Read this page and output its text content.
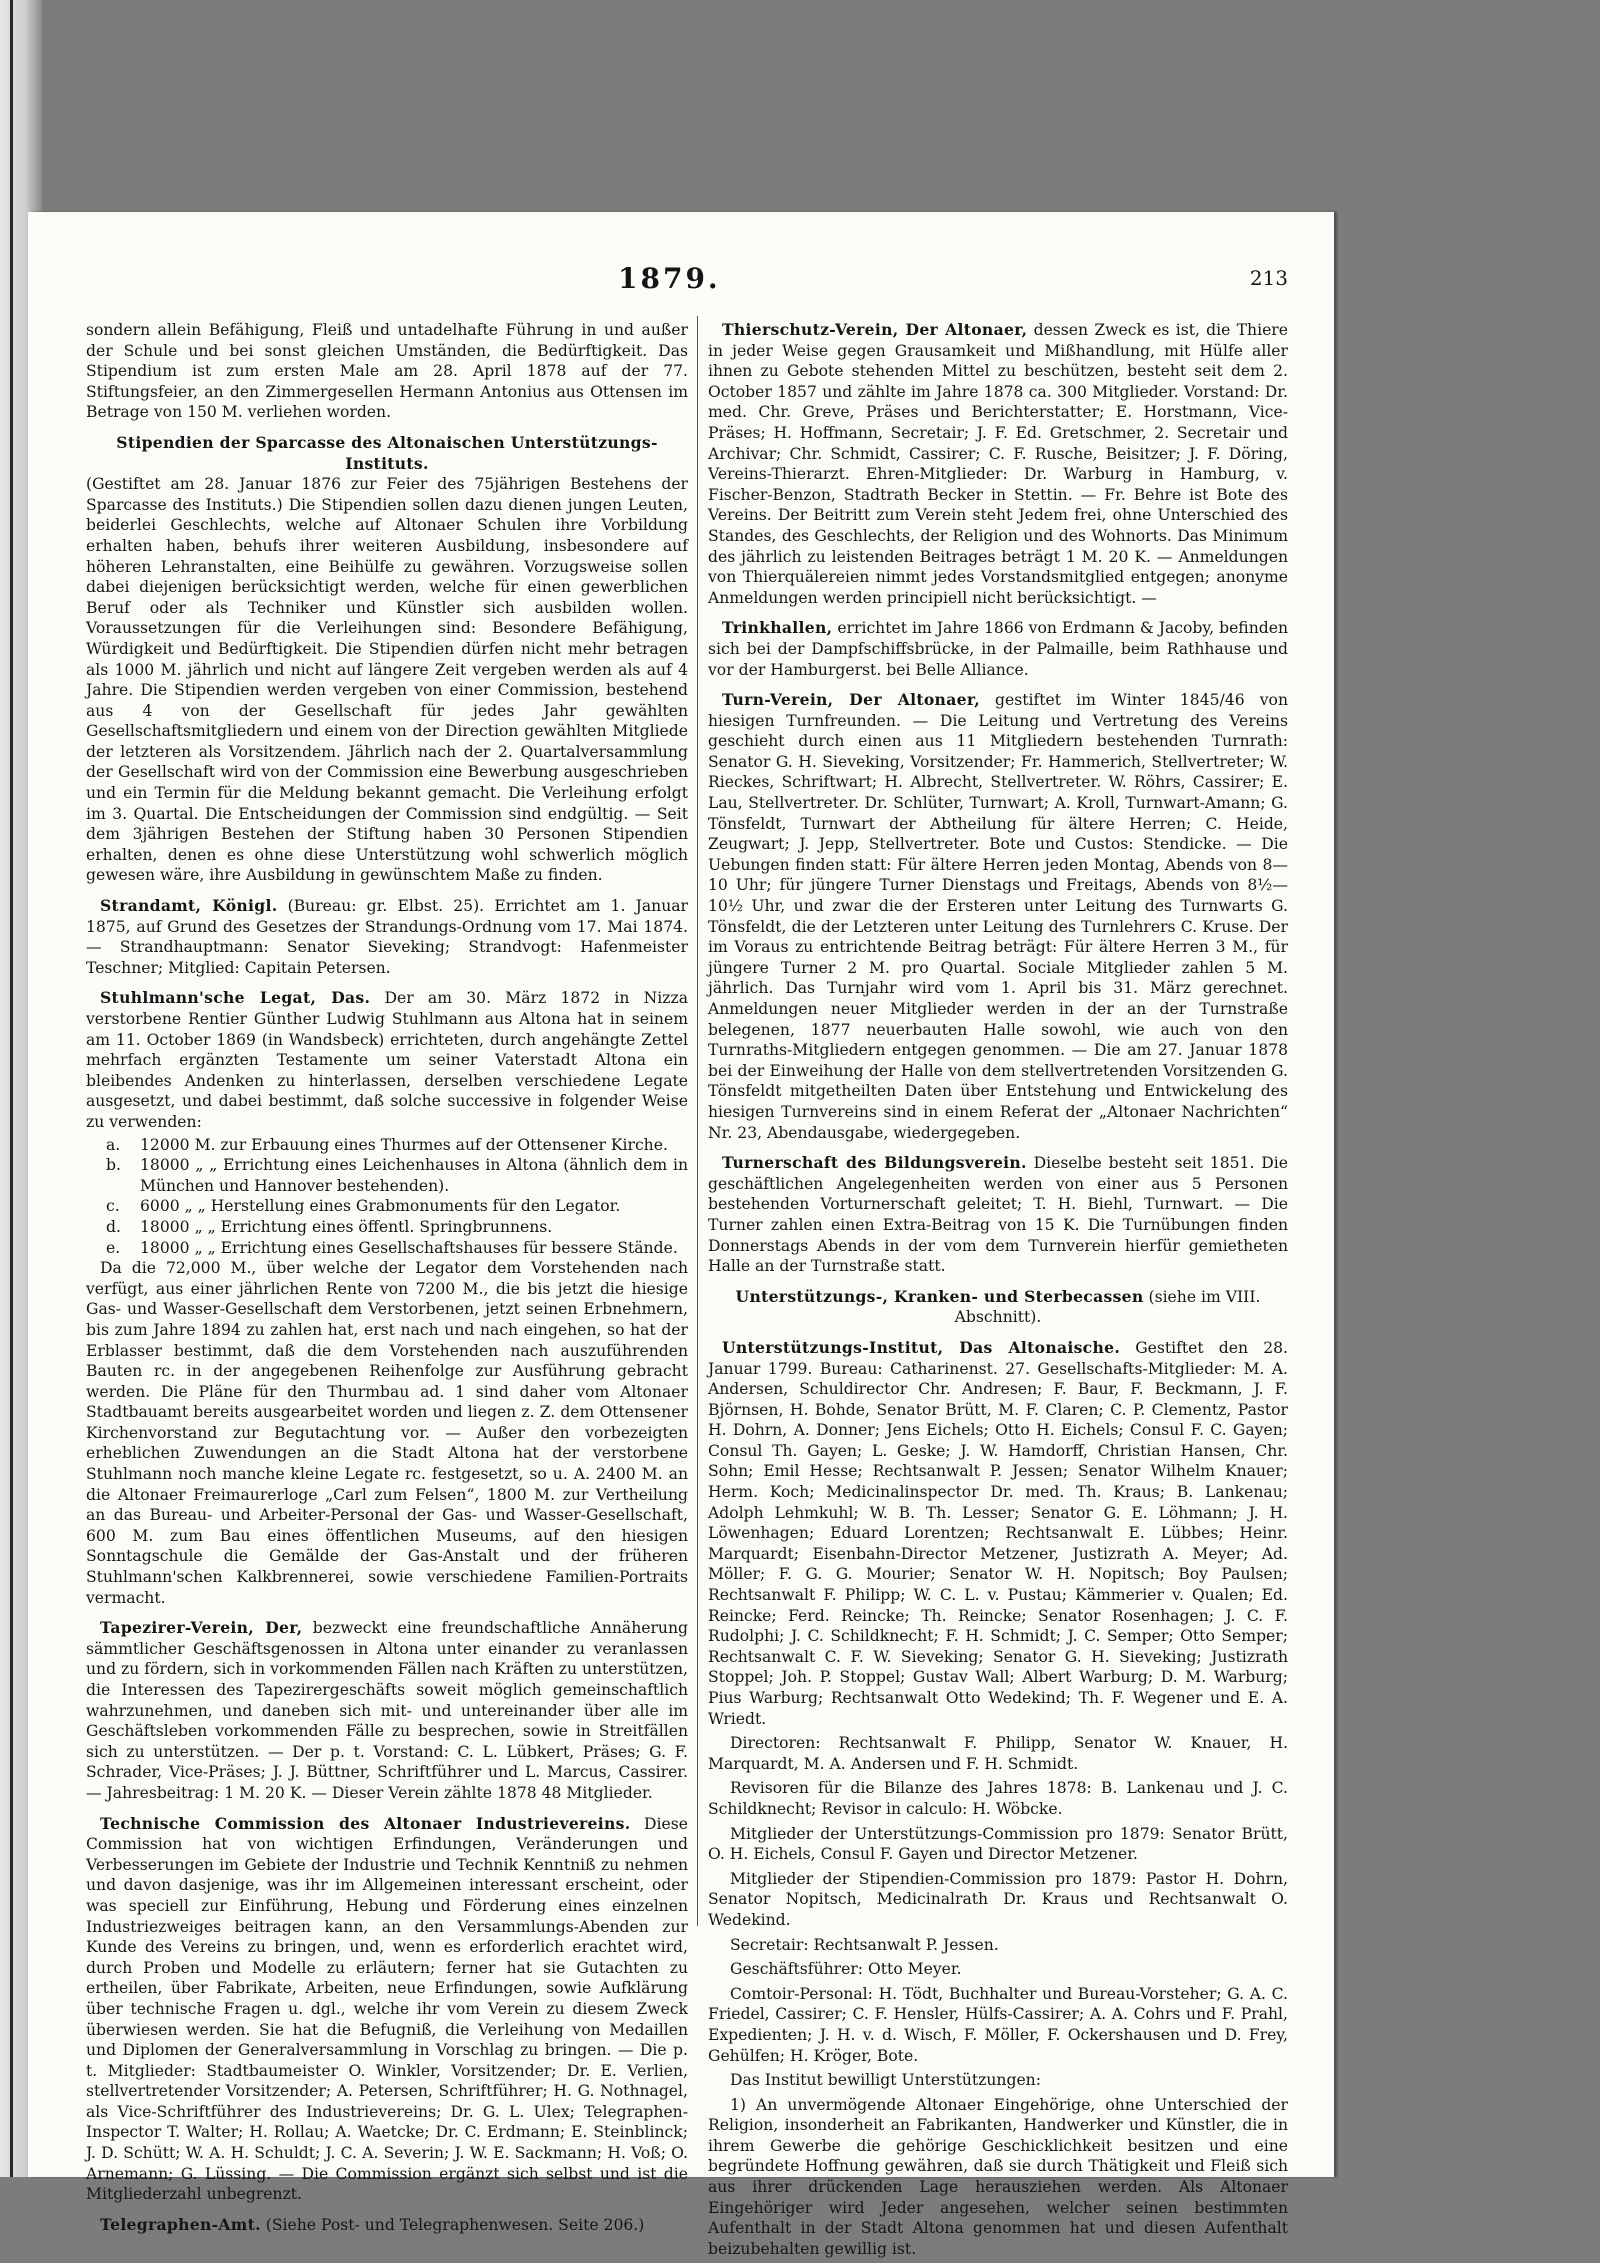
1879.	213

sondern allein Befähigung, Fleiß und untadelhafte Führung in und außer der Schule und bei sonst gleichen Umständen, die Bedürftigkeit. Das Stipendium ist zum ersten Male am 28. April 1878 auf der 77. Stiftungsfeier, an den Zimmergesellen Hermann Antonius aus Ottensen im Betrage von 150 M. verliehen worden.

Stipendien der Sparcasse des Altonaischen Unterstützungs-Instituts.
(Gestiftet am 28. Januar 1876 zur Feier des 75jährigen Bestehens der Sparcasse des Instituts.) Die Stipendien sollen dazu dienen jungen Leuten, beiderlei Geschlechts, welche auf Altonaer Schulen ihre Vorbildung erhalten haben, behufs ihrer weiteren Ausbildung, insbesondere auf höheren Lehranstalten, eine Beihülfe zu gewähren. Vorzugsweise sollen dabei diejenigen berücksichtigt werden, welche für einen gewerblichen Beruf oder als Techniker und Künstler sich ausbilden wollen. Voraussetzungen für die Verleihungen sind: Besondere Befähigung, Würdigkeit und Bedürftigkeit. Die Stipendien dürfen nicht mehr betragen als 1000 M. jährlich und nicht auf längere Zeit vergeben werden als auf 4 Jahre. Die Stipendien werden vergeben von einer Commission, bestehend aus 4 von der Gesellschaft für jedes Jahr gewählten Gesellschaftsmitgliedern und einem von der Direction gewählten Mitgliede der letzteren als Vorsitzendem. Jährlich nach der 2. Quartalversammlung der Gesellschaft wird von der Commission eine Bewerbung ausgeschrieben und ein Termin für die Meldung bekannt gemacht. Die Verleihung erfolgt im 3. Quartal. Die Entscheidungen der Commission sind endgültig. — Seit dem 3jährigen Bestehen der Stiftung haben 30 Personen Stipendien erhalten, denen es ohne diese Unterstützung wohl schwerlich möglich gewesen wäre, ihre Ausbildung in gewünschtem Maße zu finden.

Strandamt, Königl. (Bureau: gr. Elbst. 25). Errichtet am 1. Januar 1875, auf Grund des Gesetzes der Strandungs-Ordnung vom 17. Mai 1874. — Strandhauptmann: Senator Sieveking; Strandvogt: Hafenmeister Teschner; Mitglied: Capitain Petersen.

Stuhlmann'sche Legat, Das. Der am 30. März 1872 in Nizza verstorbene Rentier Günther Ludwig Stuhlmann aus Altona hat in seinem am 11. October 1869 (in Wandsbeck) errichteten, durch angehängte Zettel mehrfach ergänzten Testamente um seiner Vaterstadt Altona ein bleibendes Andenken zu hinterlassen, derselben verschiedene Legate ausgesetzt, und dabei bestimmt, daß solche successive in folgender Weise zu verwenden:

a.	12000 M. zur Erbauung eines Thurmes auf der Ottensener Kirche.
b.	18000 „ „ Errichtung eines Leichenhauses in Altona (ähnlich dem in München und Hannover bestehenden).
c.	6000 „ „ Herstellung eines Grabmonuments für den Legator.
d.	18000 „ „ Errichtung eines öffentl. Springbrunnens.
e.	18000 „ „ Errichtung eines Gesellschaftshauses für bessere Stände.

Da die 72,000 M., über welche der Legator dem Vorstehenden nach verfügt, aus einer jährlichen Rente von 7200 M., die bis jetzt die hiesige Gas- und Wasser-Gesellschaft dem Verstorbenen, jetzt seinen Erbnehmern, bis zum Jahre 1894 zu zahlen hat, erst nach und nach eingehen, so hat der Erblasser bestimmt, daß die dem Vorstehenden nach auszuführenden Bauten rc. in der angegebenen Reihenfolge zur Ausführung gebracht werden. Die Pläne für den Thurmbau ad. 1 sind daher vom Altonaer Stadtbauamt bereits ausgearbeitet worden und liegen z. Z. dem Ottensener Kirchenvorstand zur Begutachtung vor. — Außer den vorbezeigten erheblichen Zuwendungen an die Stadt Altona hat der verstorbene Stuhlmann noch manche kleine Legate rc. festgesetzt, so u. A. 2400 M. an die Altonaer Freimaurerloge „Carl zum Felsen“, 1800 M. zur Vertheilung an das Bureau- und Arbeiter-Personal der Gas- und Wasser-Gesellschaft, 600 M. zum Bau eines öffentlichen Museums, auf den hiesigen Sonntagschule die Gemälde der Gas-Anstalt und der früheren Stuhlmann'schen Kalkbrennerei, sowie verschiedene Familien-Portraits vermacht.

Tapezirer-Verein, Der, bezweckt eine freundschaftliche Annäherung sämmtlicher Geschäftsgenossen in Altona unter einander zu veranlassen und zu fördern, sich in vorkommenden Fällen nach Kräften zu unterstützen, die Interessen des Tapezirergeschäfts soweit möglich gemeinschaftlich wahrzunehmen, und daneben sich mit- und untereinander über alle im Geschäftsleben vorkommenden Fälle zu besprechen, sowie in Streitfällen sich zu unterstützen. — Der p. t. Vorstand: C. L. Lübkert, Präses; G. F. Schrader, Vice-Präses; J. J. Büttner, Schriftführer und L. Marcus, Cassirer. — Jahresbeitrag: 1 M. 20 K. — Dieser Verein zählte 1878 48 Mitglieder.

Technische Commission des Altonaer Industrievereins. Diese Commission hat von wichtigen Erfindungen, Veränderungen und Verbesserungen im Gebiete der Industrie und Technik Kenntniß zu nehmen und davon dasjenige, was ihr im Allgemeinen interessant erscheint, oder was speciell zur Einführung, Hebung und Förderung eines einzelnen Industriezweiges beitragen kann, an den Versammlungs-Abenden zur Kunde des Vereins zu bringen, und, wenn es erforderlich erachtet wird, durch Proben und Modelle zu erläutern; ferner hat sie Gutachten zu ertheilen, über Fabrikate, Arbeiten, neue Erfindungen, sowie Aufklärung über technische Fragen u. dgl., welche ihr vom Verein zu diesem Zweck überwiesen werden. Sie hat die Befugniß, die Verleihung von Medaillen und Diplomen der Generalversammlung in Vorschlag zu bringen. — Die p. t. Mitglieder: Stadtbaumeister O. Winkler, Vorsitzender; Dr. E. Verlien, stellvertretender Vorsitzender; A. Petersen, Schriftführer; H. G. Nothnagel, als Vice-Schriftführer des Industrievereins; Dr. G. L. Ulex; Telegraphen-Inspector T. Walter; H. Rollau; A. Waetcke; Dr. C. Erdmann; E. Steinblinck; J. D. Schütt; W. A. H. Schuldt; J. C. A. Severin; J. W. E. Sackmann; H. Voß; O. Arnemann; G. Lüssing. — Die Commission ergänzt sich selbst und ist die Mitgliederzahl unbegrenzt.

Telegraphen-Amt. (Siehe Post- und Telegraphenwesen. Seite 206.)

Thierschutz-Verein, Der Altonaer, dessen Zweck es ist, die Thiere in jeder Weise gegen Grausamkeit und Mißhandlung, mit Hülfe aller ihnen zu Gebote stehenden Mittel zu beschützen, besteht seit dem 2. October 1857 und zählte im Jahre 1878 ca. 300 Mitglieder. Vorstand: Dr. med. Chr. Greve, Präses und Berichterstatter; E. Horstmann, Vice-Präses; H. Hoffmann, Secretair; J. F. Ed. Gretschmer, 2. Secretair und Archivar; Chr. Schmidt, Cassirer; C. F. Rusche, Beisitzer; J. F. Döring, Vereins-Thierarzt. Ehren-Mitglieder: Dr. Warburg in Hamburg, v. Fischer-Benzon, Stadtrath Becker in Stettin. — Fr. Behre ist Bote des Vereins. Der Beitritt zum Verein steht Jedem frei, ohne Unterschied des Standes, des Geschlechts, der Religion und des Wohnorts. Das Minimum des jährlich zu leistenden Beitrages beträgt 1 M. 20 K. — Anmeldungen von Thierquälereien nimmt jedes Vorstandsmitglied entgegen; anonyme Anmeldungen werden principiell nicht berücksichtigt. —

Trinkhallen, errichtet im Jahre 1866 von Erdmann & Jacoby, befinden sich bei der Dampfschiffsbrücke, in der Palmaille, beim Rathhause und vor der Hamburgerst. bei Belle Alliance.

Turn-Verein, Der Altonaer, gestiftet im Winter 1845/46 von hiesigen Turnfreunden. — Die Leitung und Vertretung des Vereins geschieht durch einen aus 11 Mitgliedern bestehenden Turnrath: Senator G. H. Sieveking, Vorsitzender; Fr. Hammerich, Stellvertreter; W. Rieckes, Schriftwart; H. Albrecht, Stellvertreter. W. Röhrs, Cassirer; E. Lau, Stellvertreter. Dr. Schlüter, Turnwart; A. Kroll, Turnwart-Amann; G. Tönsfeldt, Turnwart der Abtheilung für ältere Herren; C. Heide, Zeugwart; J. Jepp, Stellvertreter. Bote und Custos: Stendicke. — Die Uebungen finden statt: Für ältere Herren jeden Montag, Abends von 8—10 Uhr; für jüngere Turner Dienstags und Freitags, Abends von 8½—10½ Uhr, und zwar die der Ersteren unter Leitung des Turnwarts G. Tönsfeldt, die der Letzteren unter Leitung des Turnlehrers C. Kruse. Der im Voraus zu entrichtende Beitrag beträgt: Für ältere Herren 3 M., für jüngere Turner 2 M. pro Quartal. Sociale Mitglieder zahlen 5 M. jährlich. Das Turnjahr wird vom 1. April bis 31. März gerechnet. Anmeldungen neuer Mitglieder werden in der an der Turnstraße belegenen, 1877 neuerbauten Halle sowohl, wie auch von den Turnraths-Mitgliedern entgegen genommen. — Die am 27. Januar 1878 bei der Einweihung der Halle von dem stellvertretenden Vorsitzenden G. Tönsfeldt mitgetheilten Daten über Entstehung und Entwickelung des hiesigen Turnvereins sind in einem Referat der „Altonaer Nachrichten“ Nr. 23, Abendausgabe, wiedergegeben.

Turnerschaft des Bildungsverein. Dieselbe besteht seit 1851. Die geschäftlichen Angelegenheiten werden von einer aus 5 Personen bestehenden Vorturnerschaft geleitet; T. H. Biehl, Turnwart. — Die Turner zahlen einen Extra-Beitrag von 15 K. Die Turnübungen finden Donnerstags Abends in der vom dem Turnverein hierfür gemietheten Halle an der Turnstraße statt.

Unterstützungs-, Kranken- und Sterbecassen (siehe im VIII. Abschnitt).

Unterstützungs-Institut, Das Altonaische. Gestiftet den 28. Januar 1799. Bureau: Catharinenst. 27. Gesellschafts-Mitglieder: M. A. Andersen, Schuldirector Chr. Andresen; F. Baur, F. Beckmann, J. F. Björnsen, H. Bohde, Senator Brütt, M. F. Claren; C. P. Clementz, Pastor H. Dohrn, A. Donner; Jens Eichels; Otto H. Eichels; Consul F. C. Gayen; Consul Th. Gayen; L. Geske; J. W. Hamdorff, Christian Hansen, Chr. Sohn; Emil Hesse; Rechtsanwalt P. Jessen; Senator Wilhelm Knauer; Herm. Koch; Medicinalinspector Dr. med. Th. Kraus; B. Lankenau; Adolph Lehmkuhl; W. B. Th. Lesser; Senator G. E. Löhmann; J. H. Löwenhagen; Eduard Lorentzen; Rechtsanwalt E. Lübbes; Heinr. Marquardt; Eisenbahn-Director Metzener, Justizrath A. Meyer; Ad. Möller; F. G. G. Mourier; Senator W. H. Nopitsch; Boy Paulsen; Rechtsanwalt F. Philipp; W. C. L. v. Pustau; Kämmerier v. Qualen; Ed. Reincke; Ferd. Reincke; Th. Reincke; Senator Rosenhagen; J. C. F. Rudolphi; J. C. Schildknecht; F. H. Schmidt; J. C. Semper; Otto Semper; Rechtsanwalt C. F. W. Sieveking; Senator G. H. Sieveking; Justizrath Stoppel; Joh. P. Stoppel; Gustav Wall; Albert Warburg; D. M. Warburg; Pius Warburg; Rechtsanwalt Otto Wedekind; Th. F. Wegener und E. A. Wriedt.

Directoren: Rechtsanwalt F. Philipp, Senator W. Knauer, H. Marquardt, M. A. Andersen und F. H. Schmidt.

Revisoren für die Bilanze des Jahres 1878: B. Lankenau und J. C. Schildknecht; Revisor in calculo: H. Wöbcke.

Mitglieder der Unterstützungs-Commission pro 1879: Senator Brütt, O. H. Eichels, Consul F. Gayen und Director Metzener.

Mitglieder der Stipendien-Commission pro 1879: Pastor H. Dohrn, Senator Nopitsch, Medicinalrath Dr. Kraus und Rechtsanwalt O. Wedekind.

Secretair: Rechtsanwalt P. Jessen.

Geschäftsführer: Otto Meyer.

Comtoir-Personal: H. Tödt, Buchhalter und Bureau-Vorsteher; G. A. C. Friedel, Cassirer; C. F. Hensler, Hülfs-Cassirer; A. A. Cohrs und F. Prahl, Expedienten; J. H. v. d. Wisch, F. Möller, F. Ockershausen und D. Frey, Gehülfen; H. Kröger, Bote.

Das Institut bewilligt Unterstützungen:

1) An unvermögende Altonaer Eingehörige, ohne Unterschied der Religion, insonderheit an Fabrikanten, Handwerker und Künstler, die in ihrem Gewerbe die gehörige Geschicklichkeit besitzen und eine begründete Hoffnung gewähren, daß sie durch Thätigkeit und Fleiß sich aus ihrer drückenden Lage herausziehen werden. Als Altonaer Eingehöriger wird Jeder angesehen, welcher seinen bestimmten Aufenthalt in der Stadt Altona genommen hat und diesen Aufenthalt beizubehalten gewillig ist.
